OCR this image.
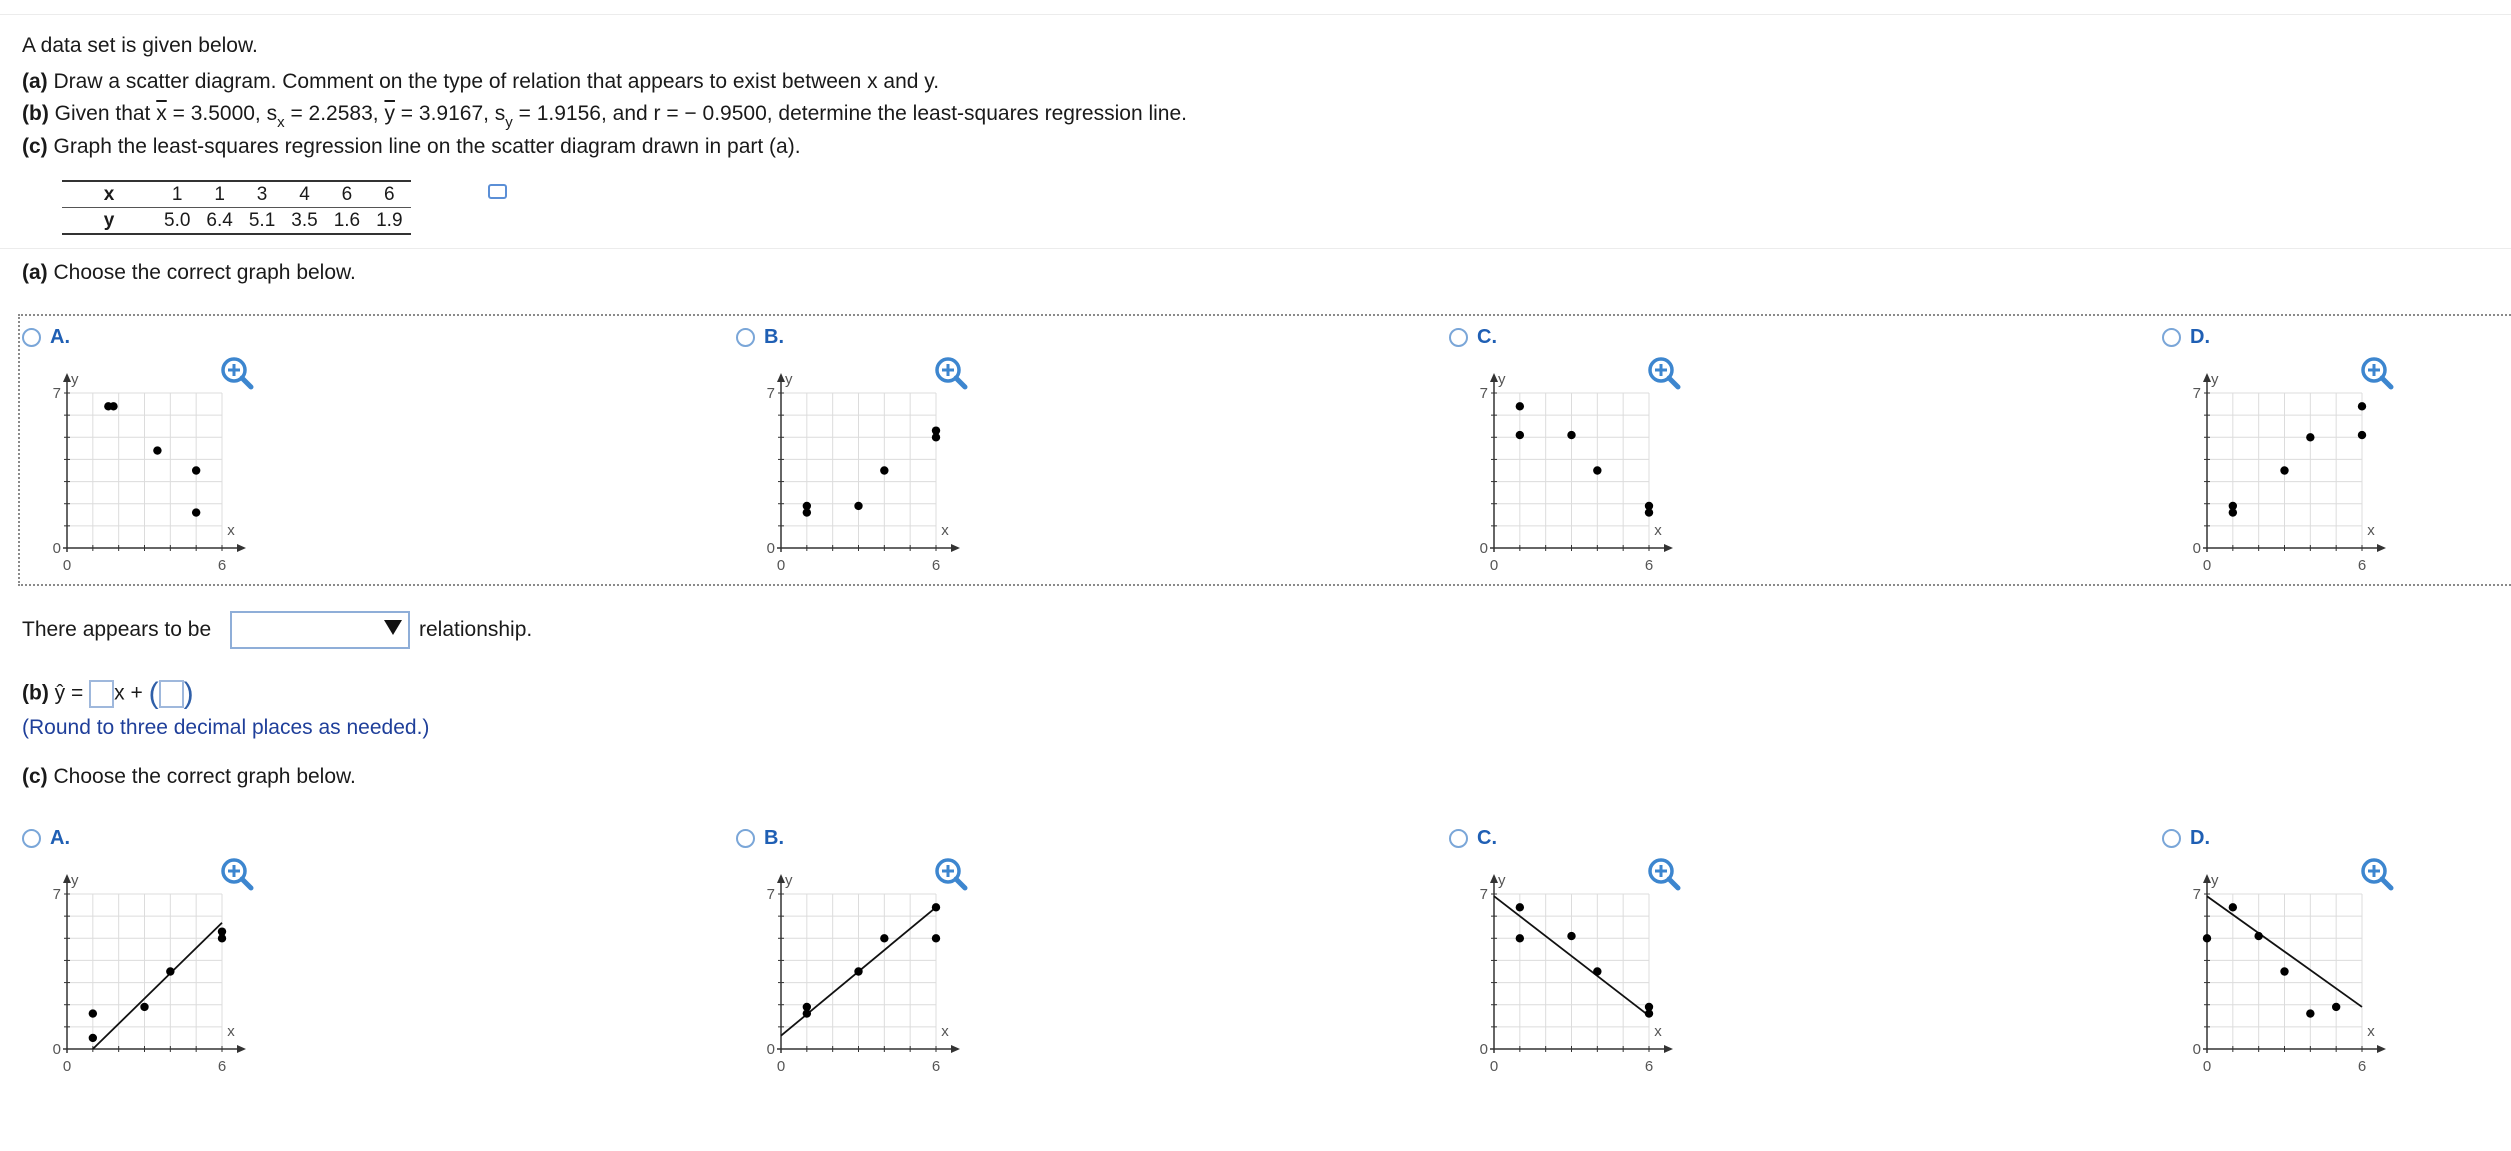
A data set is given below.
(a) Draw a scatter diagram. Comment on the type of relation that appears to exist between x and y.
(b) Given that $\overline{x} = 3.5000$, $s_x = 2.2583$, $\overline{y} = 3.9167$, $s_y = 1.9156$, and r = − 0.9500, determine the least-squares regression line.
(c) Graph the least-squares regression line on the scatter diagram drawn in part (a).
x	1	1	3	4	6	6
y	5.0	6.4	5.1	3.5	1.6	1.9
(a) Choose the correct graph below.
A.	B.	C.	D.
There appears to be	relationship.
(b) ŷ = x + ( )
(Round to three decimal places as needed.)
(c) Choose the correct graph below.
A.	B.	C.	D.
y
x
7
0
0	6
y
x
7
0
0	6
y
x
7
0
0	6
y
x
7
0
0	6
y
x
7
0
0	6
y
x
7
0
0	6
y
x
7
0
0	6
y
x
7
0
0	6
